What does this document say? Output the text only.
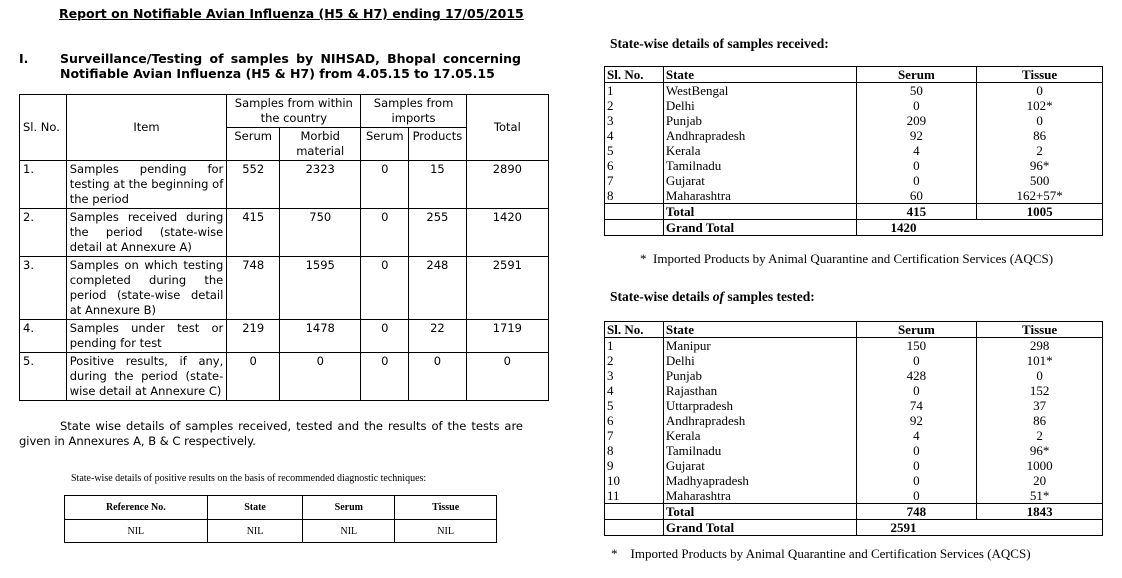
Report on Notifiable Avian Influenza (H5 & H7) ending 17/05/2015
I.	Surveillance/Testing of samples by NIHSAD, Bhopal concerning
Notifiable Avian Influenza (H5 & H7) from 4.05.15 to 17.05.15
Sl. No.	Item	Samples from within the country		Samples from imports		Total
		Serum	Morbid material	Serum	Products	
1.	Samples pending for testing at the beginning of the period	552	2323	0	15	2890
2.	Samples received during the period (state-wise detail at Annexure A)	415	750	0	255	1420
3.	Samples on which testing completed during the period (state-wise detail at Annexure B)	748	1595	0	248	2591
4.	Samples under test or pending for test	219	1478	0	22	1719
5.	Positive results, if any, during the period (state-wise detail at Annexure C)	0	0	0	0	0
State wise details of samples received, tested and the results of the tests are given in Annexures A, B & C respectively.
State-wise details of positive results on the basis of recommended diagnostic techniques:
Reference No.	State	Serum	Tissue
NIL	NIL	NIL	NIL
State-wise details of samples received:
Sl. No.	State	Serum	Tissue
1	WestBengal	50	0
2	Delhi	0	102*
3	Punjab	209	0
4	Andhrapradesh	92	86
5	Kerala	4	2
6	Tamilnadu	0	96*
7	Gujarat	0	500
8	Maharashtra	60	162+57*
	Total	415	1005
	Grand Total	1420	
* Imported Products by Animal Quarantine and Certification Services (AQCS)
State-wise details of samples tested:
Sl. No.	State	Serum	Tissue
1	Manipur	150	298
2	Delhi	0	101*
3	Punjab	428	0
4	Rajasthan	0	152
5	Uttarpradesh	74	37
6	Andhrapradesh	92	86
7	Kerala	4	2
8	Tamilnadu	0	96*
9	Gujarat	0	1000
10	Madhyapradesh	0	20
11	Maharashtra	0	51*
	Total	748	1843
	Grand Total	2591	
* Imported Products by Animal Quarantine and Certification Services (AQCS)
